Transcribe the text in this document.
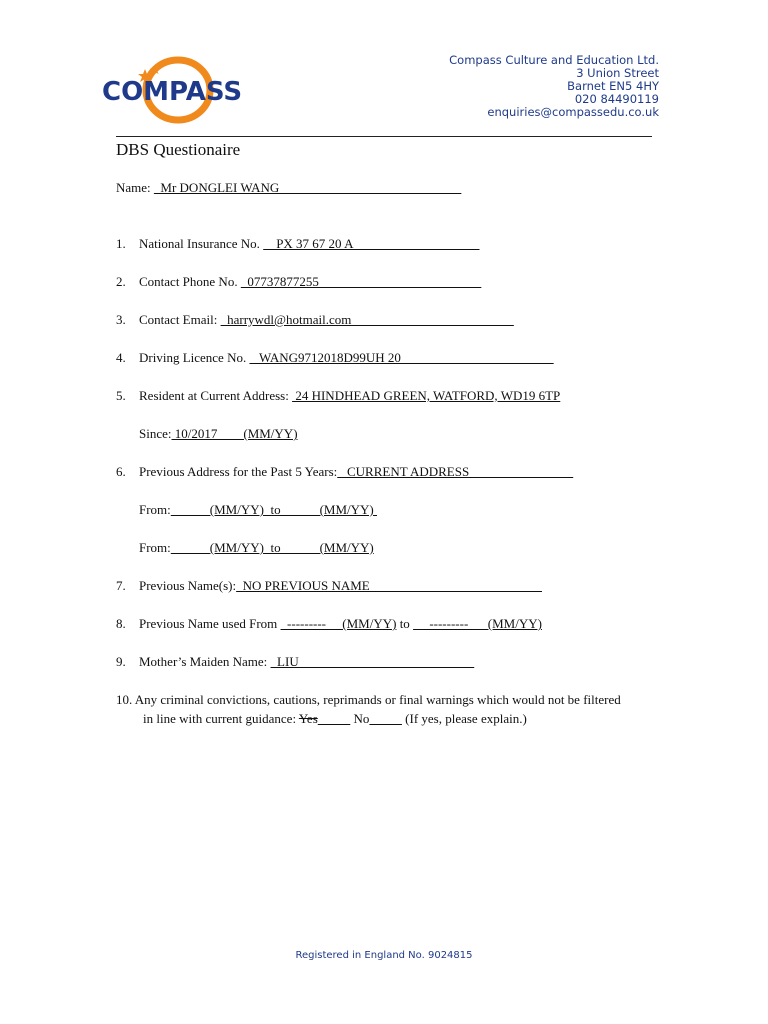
COMPASS
Compass Culture and Education Ltd.
3 Union Street
Barnet EN5 4HY
020 84490119
enquiries@compassedu.co.uk
DBS Questionaire
Name:   Mr DONGLEI WANG
1. National Insurance No.     PX 37 67 20 A
2. Contact Phone No.   07737877255
3. Contact Email:   harrywdl@hotmail.com
4. Driving Licence No.    WANG9712018D99UH 20
5. Resident at Current Address:  24 HINDHEAD GREEN, WATFORD, WD19 6TP
Since: 10/2017        (MM/YY)
6. Previous Address for the Past 5 Years:   CURRENT ADDRESS
From:            (MM/YY)  to            (MM/YY)
From:            (MM/YY)  to            (MM/YY)
7. Previous Name(s):  NO PREVIOUS NAME
8. Previous Name used From   ---------     (MM/YY) to      ---------      (MM/YY)
9. Mother’s Maiden Name:   LIU
10. Any criminal convictions, cautions, reprimands or final warnings which would not be filtered
in line with current guidance: Yes	No	(If yes, please explain.)
Registered in England No. 9024815
